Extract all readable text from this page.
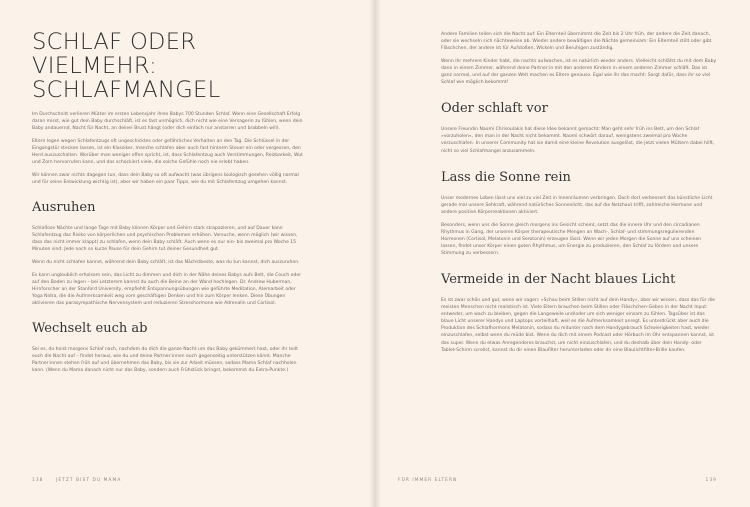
SCHLAF ODER VIELMEHR: SCHLAFMANGEL

Im Durchschnitt verlieren Mütter im ersten Lebensjahr ihres Babys 700 Stunden Schlaf. Wenn eine Gesellschaft Erfolg daran misst, wie gut dein Baby durchschläft, ist es fast unmöglich, dich nicht wie eine Versagerin zu fühlen, wenn dein Baby andauernd, Nacht für Nacht, an deiner Brust hängt (oder dich einfach nur anstarren und brabbeln will).

Eltern legen wegen Schlafentzugs oft ungeschicktes oder gefährliches Verhalten an den Tag. Die Schlüssel in der Eingangstür stecken lassen, ist ein Klassiker, manche schlafen aber auch fast hinterm Steuer ein oder vergessen, den Herd auszuschalten. Worüber man weniger offen spricht, ist, dass Schlafentzug auch Verstimmungen, Reizbarkeit, Wut und Zorn hervorrufen kann, und das schockiert viele, die solche Gefühle noch nie erlebt haben.

Wir können zwar nichts dagegen tun, dass dein Baby so oft aufwacht (was übrigens biologisch gesehen völlig normal und für seine Entwicklung wichtig ist), aber wir haben ein paar Tipps, wie du mit Schlafentzug umgehen kannst.

Ausruhen

Schlaflose Nächte und lange Tage mit Baby können Körper und Gehirn stark strapazieren, und auf Dauer kann Schlafentzug das Risiko von körperlichen und psychischen Problemen erhöhen. Versuche, wenn möglich (wir wissen, dass das nicht immer klappt) zu schlafen, wenn dein Baby schläft. Auch wenn es nur ein- bis zweimal pro Woche 15 Minuten sind: Jede noch so kurze Pause für dein Gehirn tut deiner Gesundheit gut.

Wenn du nicht schlafen kannst, während dein Baby schläft, ist das Nächstbeste, was du tun kannst, dich auszuruhen.

Es kann ungloublich erholsam sein, das Licht zu dimmen und dich in der Nähe deines Babys aufs Bett, die Couch oder auf den Boden zu legen – bei Letzterem kannst du auch die Beine an der Wand hochlegen. Dr. Andrew Huberman, Hirnforscher an der Stanford University, empfiehlt Entspannungsübungen wie geführte Meditation, Atemarbeit oder Yoga Nidra, die die Aufmerksamkeit weg vom geschäftigen Denken und hin zum Körper lenken. Diese Übungen aktivieren das parasympathische Nervensystem und reduzieren Stresshormone wie Adrenalin und Cortisol.

Wechselt euch ab

Sei es, du hoist morgens Schlaf nach, nachdem du dich die ganze Nacht um das Baby gekümmert hast, oder ihr teilt euch die Nacht auf – findet heraus, wie du und deine Partner:innen euch gegenseitig unterstützen könnt. Manche Partner:innen stehen früh auf und übernehmen das Baby, bis sie zur Arbeit müssen, sodass Mama Schlaf nachholen kann. (Wenn du Mama danach nicht nur das Baby, sondern auch Frühstück bringst, bekommst du Extra-Punkte.)

138	JETZT BIST DU MAMA

Andere Familien teilen sich die Nacht auf: Ein Elternteil übernimmt die Zeit bis 2 Uhr früh, der andere die Zeit danach, oder sie wechseln sich nächteweise ab. Wieder andere bewältigen die Nächte gemeinsam: Ein Elternteil stillt oder gibt Fläschchen, der andere ist für Aufstoßen, Wickeln und Beruhigen zuständig.

Wenn ihr mehrere Kinder habt, die nachts aufwachen, ist es natürlich wieder anders. Vielleicht schläfst du mit dem Baby dann in einem Zimmer, während deine Partner:in mit den anderen Kindern in einem anderen Zimmer schläft. Das ist ganz normal, und auf der ganzen Welt machen es Eltern genauso. Egal wie ihr das macht: Sorgt dafür, dass ihr so viel Schlaf wie möglich bekommt!

Oder schlaft vor

Unsere Freundin Naomi Chrisoulakis hat diese Idee bekannt gemacht: Man geht sehr früh ins Bett, um den Schlaf »vorzuholen«, den man in der Nacht nicht bekommt. Naomi schwört darauf, wenigstens zweimal pro Woche vorzuschlafen. In unserer Community hat sie damit eine kleine Revolution ausgelöst, die jetzt vielen Müttern dabei hilft, nicht so viel Schlafmangel anzusammeln.

Lass die Sonne rein

Unser modernes Leben lässt uns viel zu viel Zeit in Innenräumen verbringen. Doch dort verbessert das künstliche Licht gerade mal unsere Sehkraft, während natürliches Sonnenlicht, das auf die Netzhaut trifft, zahlreiche Hormone und andere positive Körperreaktionen aktiviert.

Besonders, wenn uns die Sonne gleich morgens ins Gesicht scheint, setzt das die innere Uhr und den circadianen Rhythmus in Gang, der unseren Körper therapeutische Mengen an Wach-, Schlaf- und stimmungsregulierenden Hormonen (Cortisol, Melatonin und Serotonin) erzeugen lässt. Wenn wir jeden Morgen die Sonne auf uns scheinen lassen, findet unser Körper einen guten Rhythmus, um Energie zu produzieren, den Schlaf zu fördern und unsere Stimmung zu verbessern.

Vermeide in der Nacht blaues Licht

Es ist zwar schön und gut, wenn wir sagen: »Schau beim Stillen nicht auf dein Handy«, aber wir wissen, dass das für die meisten Menschen nicht realistisch ist. Viele Eltern brauchen beim Stillen oder Fläschchen-Geben in der Nacht Input: entweder, um wach zu bleiben, gegen die Langeweile und/oder um sich weniger einsam zu fühlen. Tagsüber ist das blaue Licht unserer Handys und Laptops vorteilhaft, weil es die Aufmerksamkeit anregt. Es unterdrückt aber auch die Produktion des Schlafhormons Melatonin, sodass du mitunter nach dem Handygebrauch Schwierigkeiten hast, wieder einzuschlafen, selbst wenn du müde bist. Wenn du dich mit einem Podcast oder Hörbuch im Ohr entspannen kannst, ist das super. Wenn du etwas Anregenderes brauchst, um nicht einzuschlafen, und du deshalb über dein Handy- oder Tablet-Schirm scrollst, kannst du dir einen Blaufilter herunterladen oder dir eine Blaulichtfilter-Brille kaufen.

FÜR IMMER ELTERN	139
